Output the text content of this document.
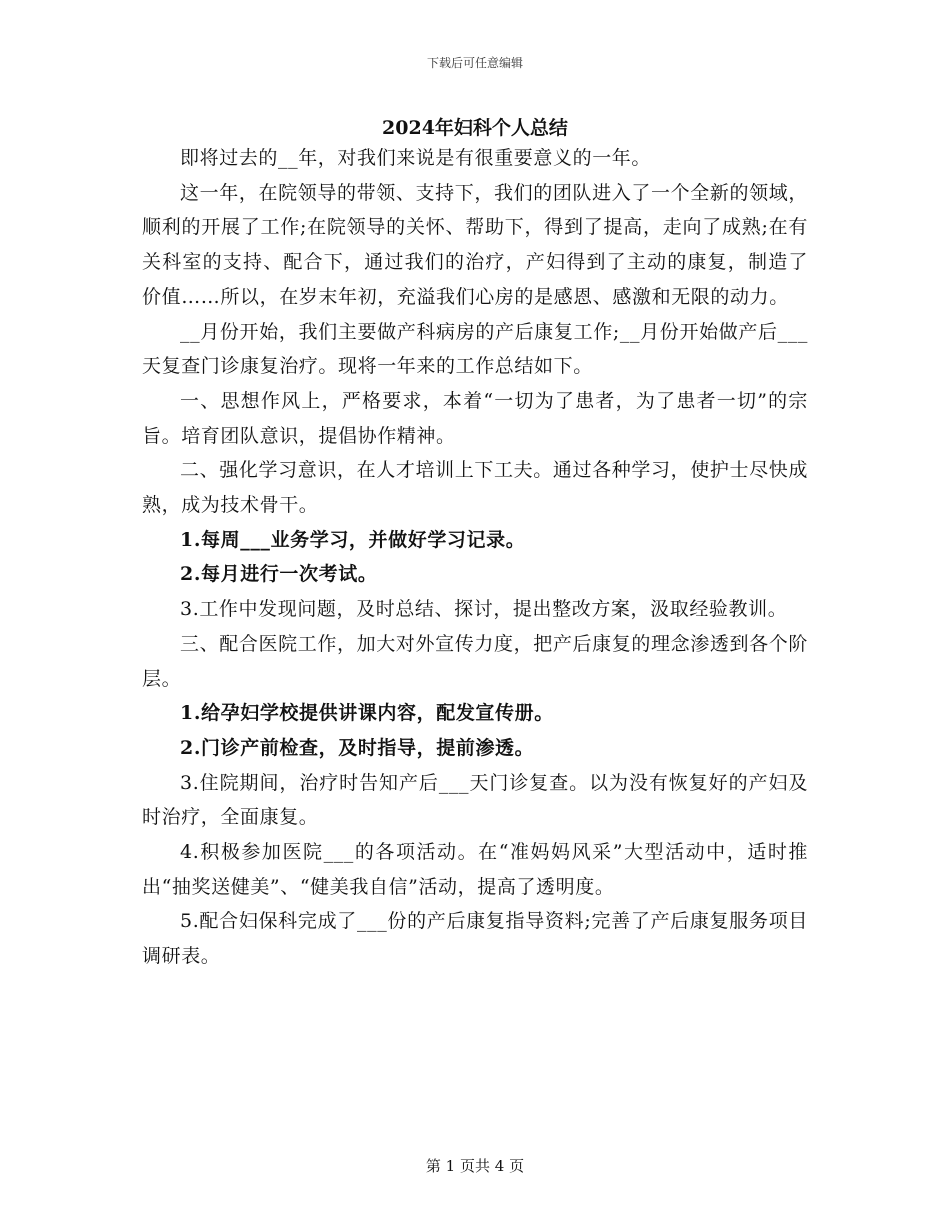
下载后可任意编辑
2024年妇科个人总结

即将过去的__年，对我们来说是有很重要意义的一年。

这一年，在院领导的带领、支持下，我们的团队进入了一个全新的领域，顺利的开展了工作;在院领导的关怀、帮助下，得到了提高，走向了成熟;在有关科室的支持、配合下，通过我们的治疗，产妇得到了主动的康复，制造了价值……所以，在岁末年初，充溢我们心房的是感恩、感激和无限的动力。

__月份开始，我们主要做产科病房的产后康复工作;__月份开始做产后___天复查门诊康复治疗。现将一年来的工作总结如下。

一、思想作风上，严格要求，本着“一切为了患者，为了患者一切”的宗旨。培育团队意识，提倡协作精神。

二、强化学习意识，在人才培训上下工夫。通过各种学习，使护士尽快成熟，成为技术骨干。

1.每周___业务学习，并做好学习记录。

2.每月进行一次考试。

3.工作中发现问题，及时总结、探讨，提出整改方案，汲取经验教训。

三、配合医院工作，加大对外宣传力度，把产后康复的理念渗透到各个阶层。

1.给孕妇学校提供讲课内容，配发宣传册。

2.门诊产前检查，及时指导，提前渗透。

3.住院期间，治疗时告知产后___天门诊复查。以为没有恢复好的产妇及时治疗，全面康复。

4.积极参加医院___的各项活动。在“准妈妈风采”大型活动中，适时推出“抽奖送健美”、“健美我自信”活动，提高了透明度。

5.配合妇保科完成了___份的产后康复指导资料;完善了产后康复服务项目调研表。

第 1 页共 4 页
